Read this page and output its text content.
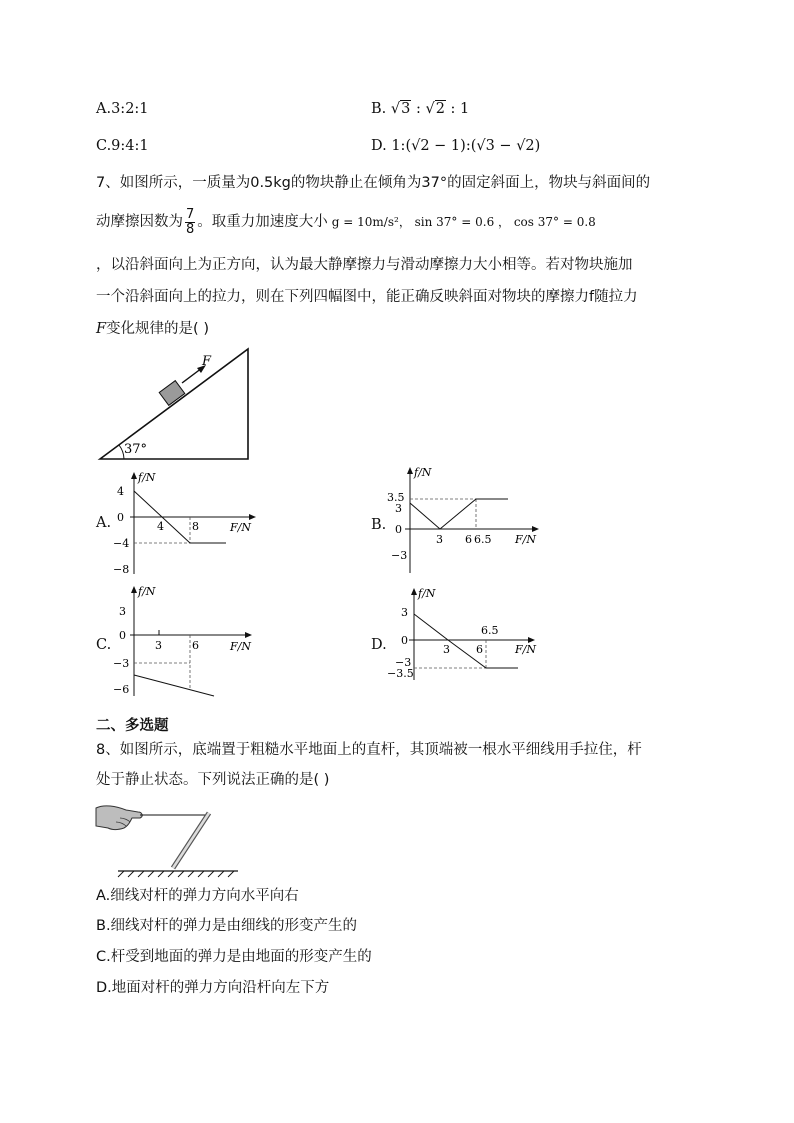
A.3:2:1	B. √3 : √2 : 1
C.9:4:1	D. 1:(√2 − 1):(√3 − √2)
7、如图所示，一质量为0.5kg的物块静止在倾角为37°的固定斜面上，物块与斜面间的
动摩擦因数为 $\frac{7}{8}$ 。取重力加速度大小 g = 10m/s² ， sin 37° = 0.6 ， cos 37° = 0.8
，以沿斜面向上为正方向，认为最大静摩擦力与滑动摩擦力大小相等。若对物块施加
一个沿斜面向上的拉力，则在下列四幅图中，能正确反映斜面对物块的摩擦力f随拉力
F变化规律的是( )
F
37°
A.
f/N
F/N
4
0
−4
−8
4	8	B.
f/N
F/N
3.5
3
0
−3
3 6 6.5
C.
f/N
F/N
3
0
−3
−6
3	6	D.
f/N
F/N
3
0
−3
−3.5
3 6
6.5
二、多选题
8、如图所示，底端置于粗糙水平地面上的直杆，其顶端被一根水平细线用手拉住，杆
处于静止状态。下列说法正确的是( )
A.细线对杆的弹力方向水平向右
B.细线对杆的弹力是由细线的形变产生的
C.杆受到地面的弹力是由地面的形变产生的
D.地面对杆的弹力方向沿杆向左下方
